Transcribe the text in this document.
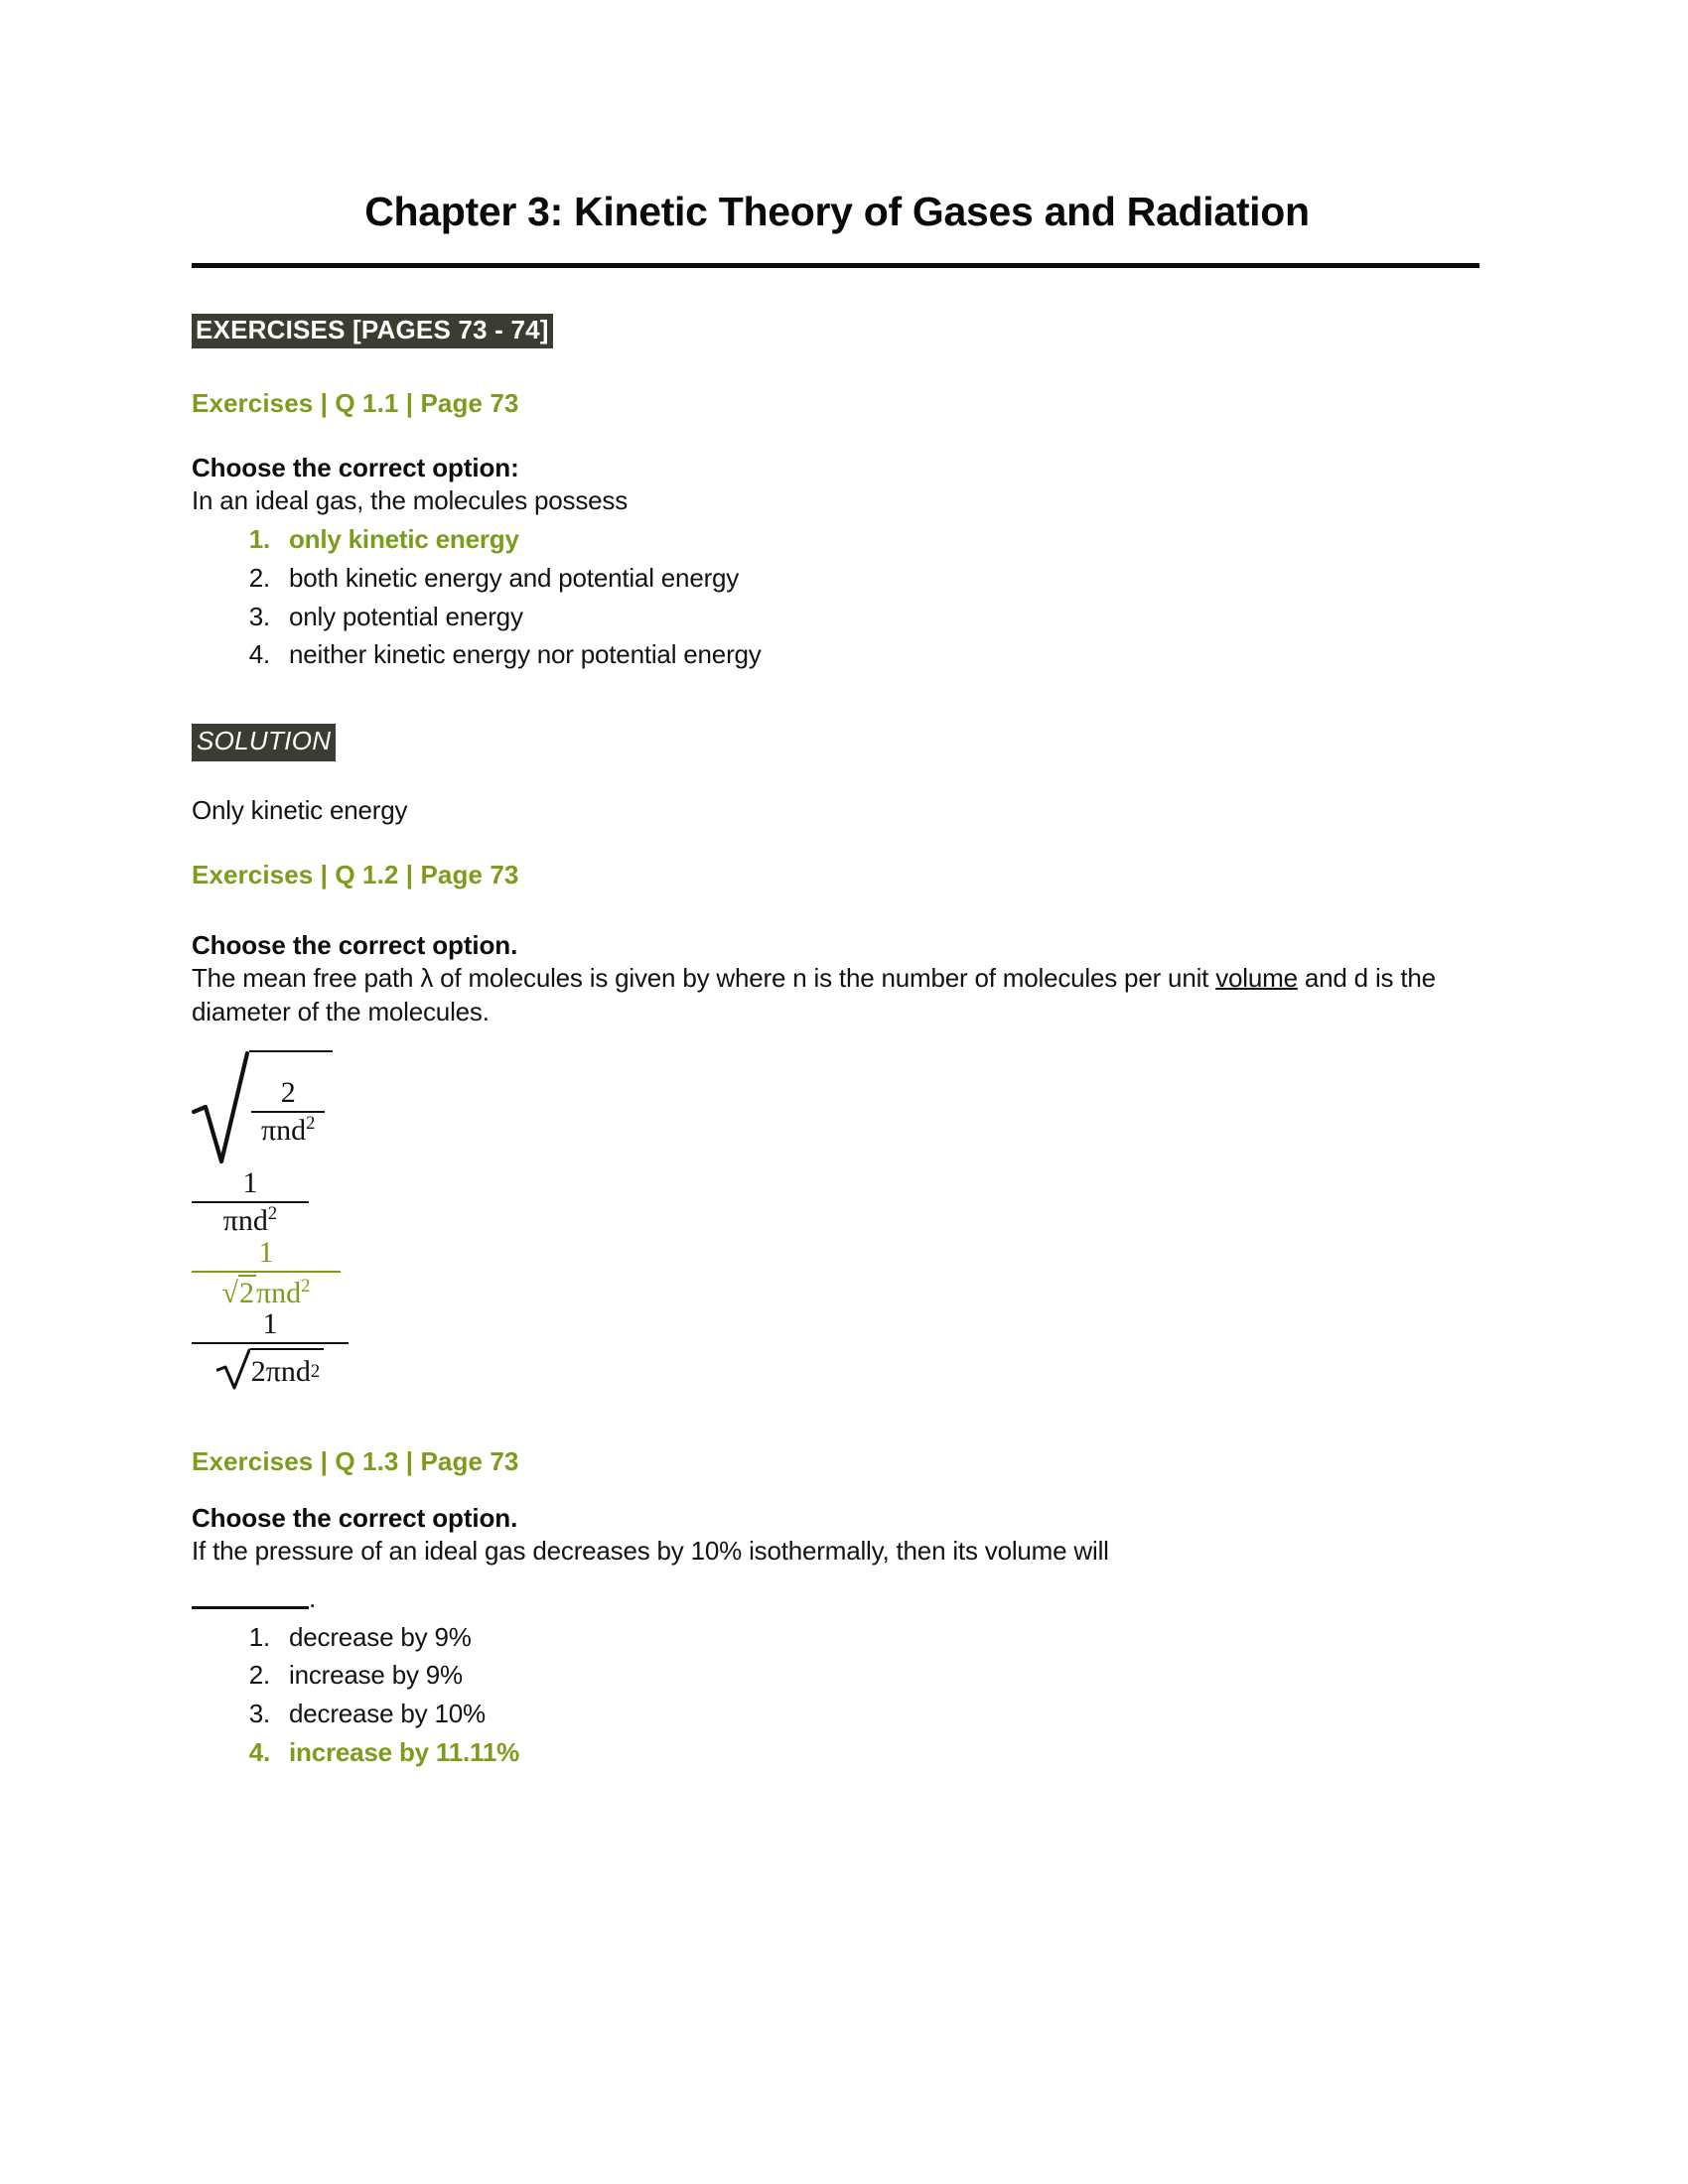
Chapter 3: Kinetic Theory of Gases and Radiation
EXERCISES [PAGES 73 - 74]
Exercises | Q 1.1 | Page 73
Choose the correct option:
In an ideal gas, the molecules possess
1. only kinetic energy
2. both kinetic energy and potential energy
3. only potential energy
4. neither kinetic energy nor potential energy
SOLUTION
Only kinetic energy
Exercises | Q 1.2 | Page 73
Choose the correct option.
The mean free path λ of molecules is given by where n is the number of molecules per unit volume and d is the diameter of the molecules.
$\frac{2}{\pi nd^2}$
$\frac{1}{\pi nd^2}$
$\frac{1}{√ 2 \pi nd^2}$
$\frac{1}{\text{2πnd 2}}$
Exercises | Q 1.3 | Page 73
Choose the correct option.
If the pressure of an ideal gas decreases by 10% isothermally, then its volume will
.
1. decrease by 9%
2. increase by 9%
3. decrease by 10%
4. increase by 11.11%
